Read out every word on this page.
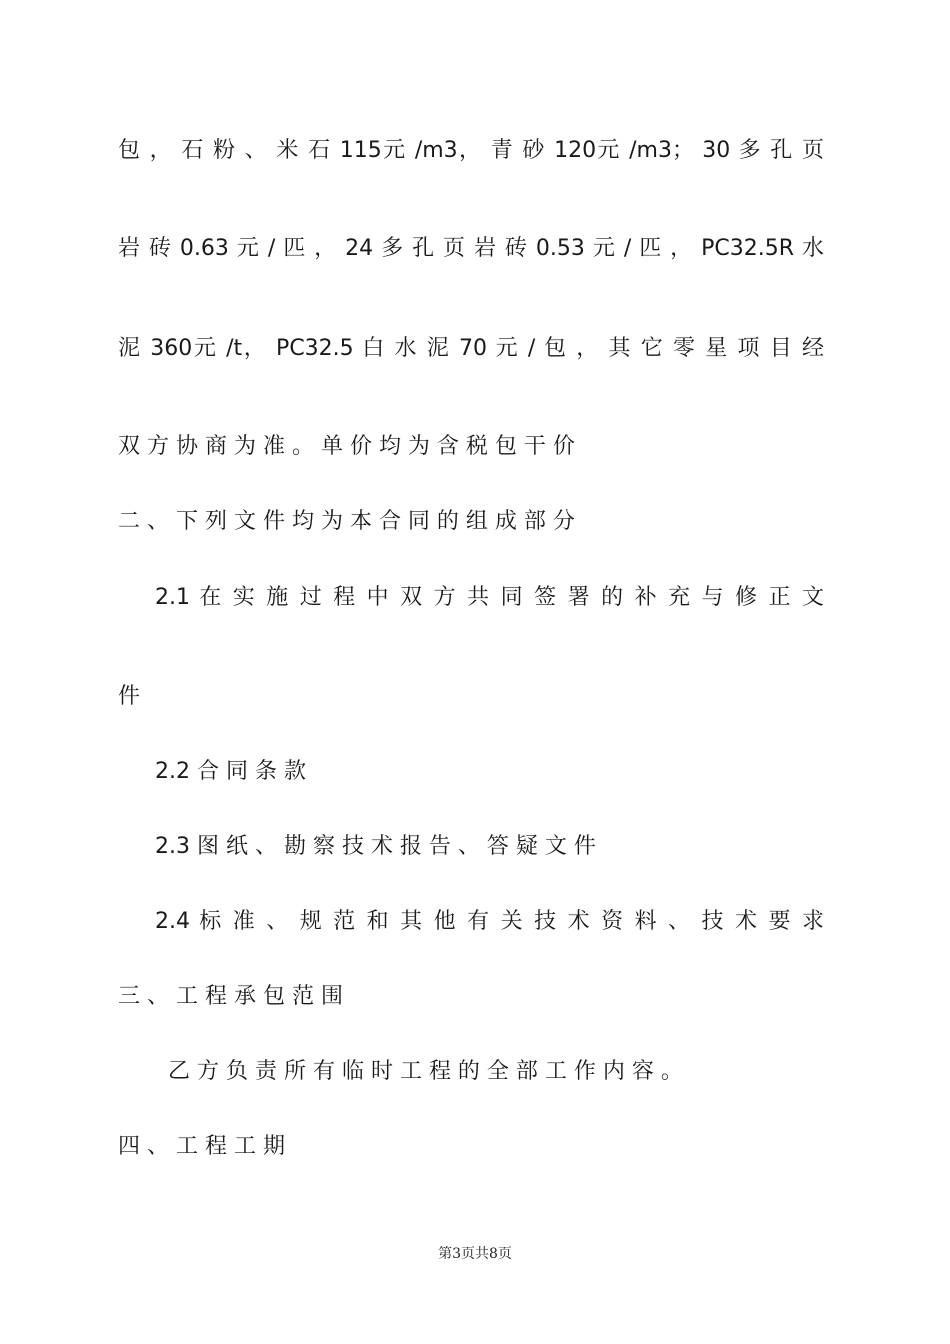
包 ， 石 粉 、 米 石 115元 /m3， 青 砂 120元 /m3； 30 多 孔 页
岩 砖 0.63 元 / 匹 ， 24 多 孔 页 岩 砖 0.53 元 / 匹 ， PC32.5R 水
泥 360元 /t， PC32.5 白 水 泥 70 元 / 包 ， 其 它 零 星 项 目 经
双 方 协 商 为 准 。 单 价 均 为 含 税 包 干 价
二 、 下 列 文 件 均 为 本 合 同 的 组 成 部 分
2.1 在 实 施 过 程 中 双 方 共 同 签 署 的 补 充 与 修 正 文
件
2.2 合 同 条 款
2.3 图 纸 、 勘 察 技 术 报 告 、 答 疑 文 件
2.4 标 准 、 规 范 和 其 他 有 关 技 术 资 料 、 技 术 要 求
三 、 工 程 承 包 范 围
乙 方 负 责 所 有 临 时 工 程 的 全 部 工 作 内 容 。
四 、 工 程 工 期
第3页共8页
